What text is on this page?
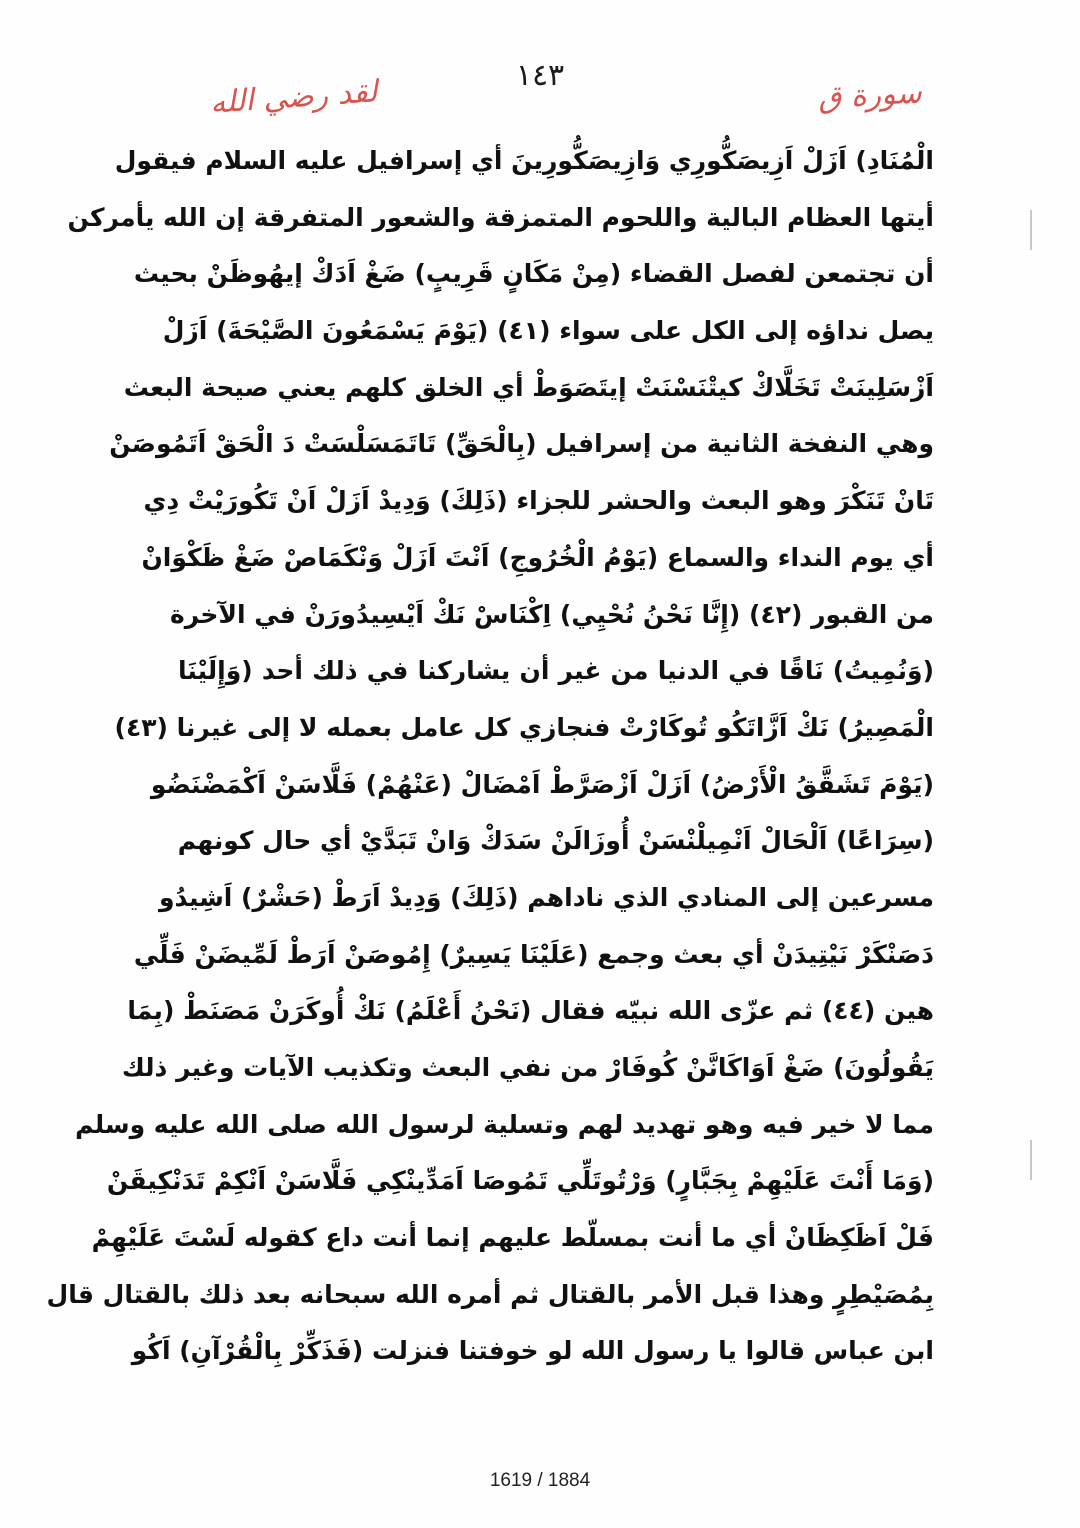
١٤٣	سورة ق
لقد رضي الله
الْمُنَادِ) اَزَلْ اَزِيصَكُّورِي وَازِيصَكُّورِينَ أي إسرافيل عليه السلام فيقول
أيتها العظام البالية واللحوم المتمزقة والشعور المتفرقة إن الله يأمركن
أن تجتمعن لفصل القضاء (مِنْ مَكَانٍ قَرِيبٍ) ضَغْ اَدَكْ إيهُوظَنْ بحيث
يصل نداؤه إلى الكل على سواء (٤١) (يَوْمَ يَسْمَعُونَ الصَّيْحَةَ) اَزَلْ
اَزْسَلِينَتْ تَخَلَّاكْ كيتْنَسْنَتْ إيتَصَوَطْ أي الخلق كلهم يعني صيحة البعث
وهي النفخة الثانية من إسرافيل (بِالْحَقِّ) تَاتَمَسَلْسَتْ دَ الْحَقْ اَتَمُوصَنْ
تَانْ تَنَكْرَ وهو البعث والحشر للجزاء (ذَلِكَ) وَدِيدْ اَزَلْ اَنْ تَكُورَيْتْ دِي
أي يوم النداء والسماع (يَوْمُ الْخُرُوجِ) اَنْتَ اَزَلْ وَنْكَمَاصْ ضَغْ ظَكْوَانْ
من القبور (٤٢) (إِنَّا نَحْنُ نُحْيِي) اِكْنَاسْ نَكْ اَيْسِيدُورَنْ في الآخرة
(وَنُمِيتُ) نَاقًا في الدنيا من غير أن يشاركنا في ذلك أحد (وَإِلَيْنَا
الْمَصِيرُ) نَكْ اَزَّاتَكُو تُوكَارْتْ فنجازي كل عامل بعمله لا إلى غيرنا (٤٣)
(يَوْمَ تَشَقَّقُ الْأَرْضُ) اَزَلْ اَزْصَرَّطْ اَمْضَالْ (عَنْهُمْ) فَلَّاسَنْ اَكْمَضْنَضُو
(سِرَاعًا) اَلْحَالْ اَنْمِيلْنْسَنْ أُوزَالَنْ سَدَكْ وَانْ تَبَدَّيْ أي حال كونهم
مسرعين إلى المنادي الذي ناداهم (ذَلِكَ) وَدِيدْ اَرَطْ (حَشْرٌ) اَشِيدُو
دَصَنْكَرْ نَيْتِيدَنْ أي بعث وجمع (عَلَيْنَا يَسِيرٌ) إِمُوصَنْ اَرَطْ لَمِّيضَنْ فَلِّي
هين (٤٤) ثم عزّى الله نبيّه فقال (نَحْنُ أَعْلَمُ) نَكْ أُوكَرَنْ مَصَنَطْ (بِمَا
يَقُولُونَ) ضَغْ اَوَاكَانَّنْ كُوفَارْ من نفي البعث وتكذيب الآيات وغير ذلك
مما لا خير فيه وهو تهديد لهم وتسلية لرسول الله صلى الله عليه وسلم
(وَمَا أَنْتَ عَلَيْهِمْ بِجَبَّارٍ) وَرْتُوتَلِّي تَمُوصَا اَمَدِّينْكِي فَلَّاسَنْ اَنْكِمْ تَدَنْكِيقَنْ
فَلْ اَظَكِظَانْ أي ما أنت بمسلّط عليهم إنما أنت داع كقوله لَسْتَ عَلَيْهِمْ
بِمُصَيْطِرٍ وهذا قبل الأمر بالقتال ثم أمره الله سبحانه بعد ذلك بالقتال قال
ابن عباس قالوا يا رسول الله لو خوفتنا فنزلت (فَذَكِّرْ بِالْقُرْآنِ) اَكُو
1619 / 1884
